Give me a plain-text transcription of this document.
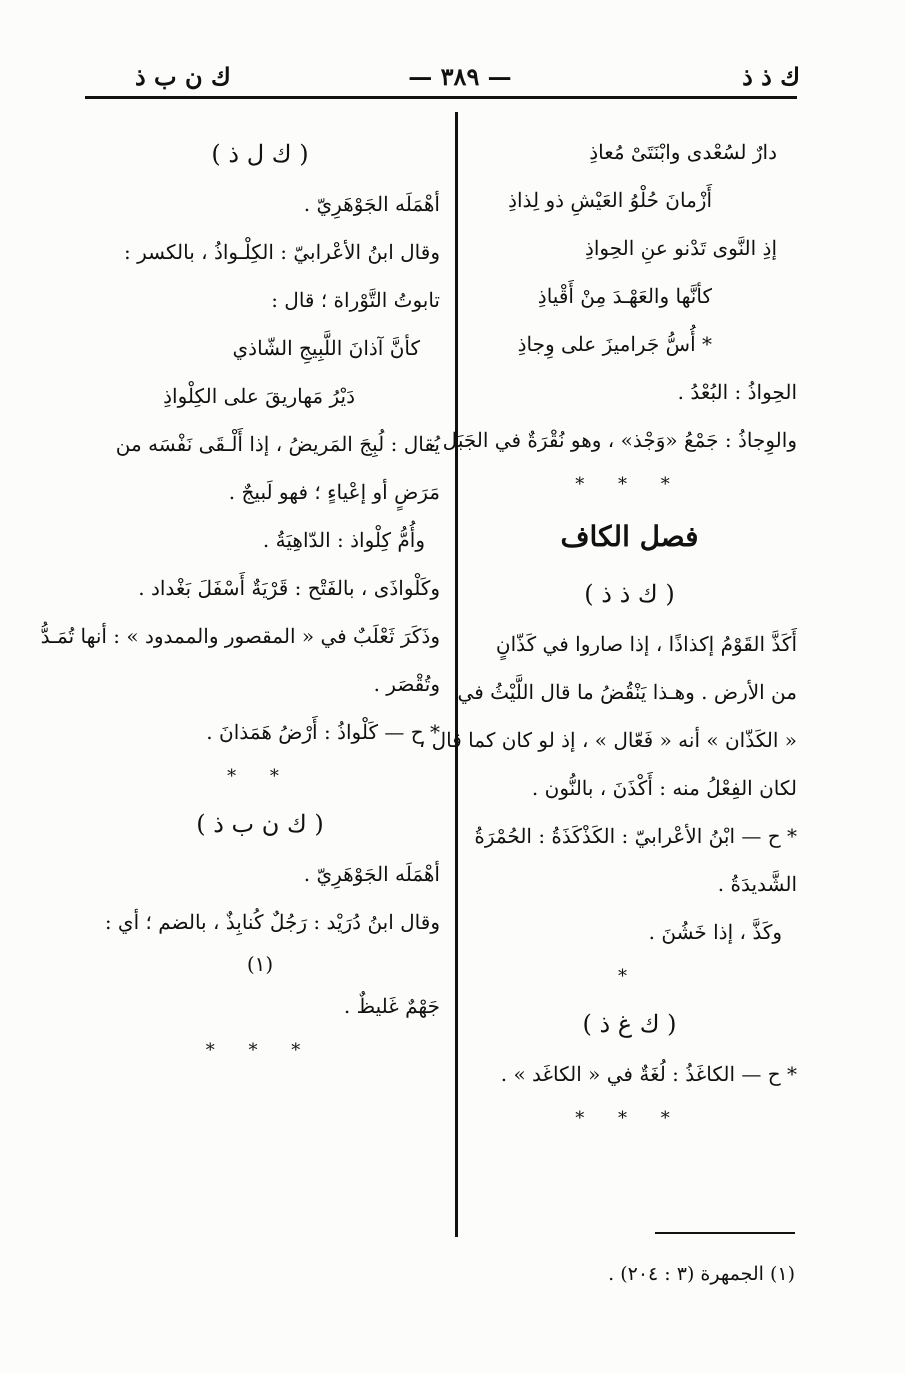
ك ن ب ذ	— ٣٨٩ —	ك ذ ذ
دارٌ لسُعْدى وابْنَتَىْ مُعاذِ
أَزْمانَ حُلْوُ العَيْشِ ذو لِذاذِ
إذِ النَّوى تَدْنو عنِ الحِواذِ
كأنَّها والعَهْـدَ مِنْ أَقْياذِ
* أُسُّ جَراميزَ على وِجاذِ
الحِواذُ : البُعْدُ .
والوِجاذُ : جَمْعُ «وَجْذ» ، وهو نُقْرَةٌ في الجَبَل .
* * *
فصل الكاف
( ك ذ ذ )
أَكَذَّ القَوْمُ إكذاذًا ، إذا صاروا في كَذّانٍ
من الأرض . وهـذا يَنْقُضُ ما قال اللَّيْثُ في
« الكَذّان » أنه « فَعّال » ، إذ لو كان كما قال ،
لكان الفِعْلُ منه : أَكْذَنَ ، بالنُّون .
* ح — ابْنُ الأعْرابيّ : الكَذْكَذَةُ : الحُمْرَةُ
الشَّديدَةُ .
وكَذَّ ، إذا خَشُنَ .
*
( ك غ ذ )
* ح — الكاغَذُ : لُغَةٌ في « الكاغَد » .
* * *
( ك ل ذ )
أهْمَلَه الجَوْهَرِيّ .
وقال ابنُ الأعْرابيّ : الكِلْـواذُ ، بالكسر :
تابوتُ التَّوْراة ؛ قال :
كأنَّ آذانَ اللَّبِيجِ الشّاذي
دَيْرُ مَهاريقَ على الكِلْواذِ
يُقال : لُبِجَ المَريضُ ، إذا أَلْـقَى نَفْسَه من
مَرَضٍ أو إعْياءٍ ؛ فهو لَبيجٌ .
وأُمُّ كِلْواذ : الدّاهِيَةُ .
وكَلْواذَى ، بالفَتْح : قَرْيَةٌ أَسْفَلَ بَغْداد .
وذَكَرَ ثَعْلَبٌ في « المقصور والممدود » : أنها تُمَـدُّ
وتُقْصَر .
* ح — كَلْواذُ : أَرْضُ هَمَذانَ .
* *
( ك ن ب ذ )
أهْمَلَه الجَوْهَرِيّ .
وقال ابنُ دُرَيْد : رَجُلٌ كُنابِذٌ ، بالضم ؛ أي :
(١)
جَهْمٌ غَليظٌ .
* * *
(١) الجمهرة (٣ : ٢٠٤) .
